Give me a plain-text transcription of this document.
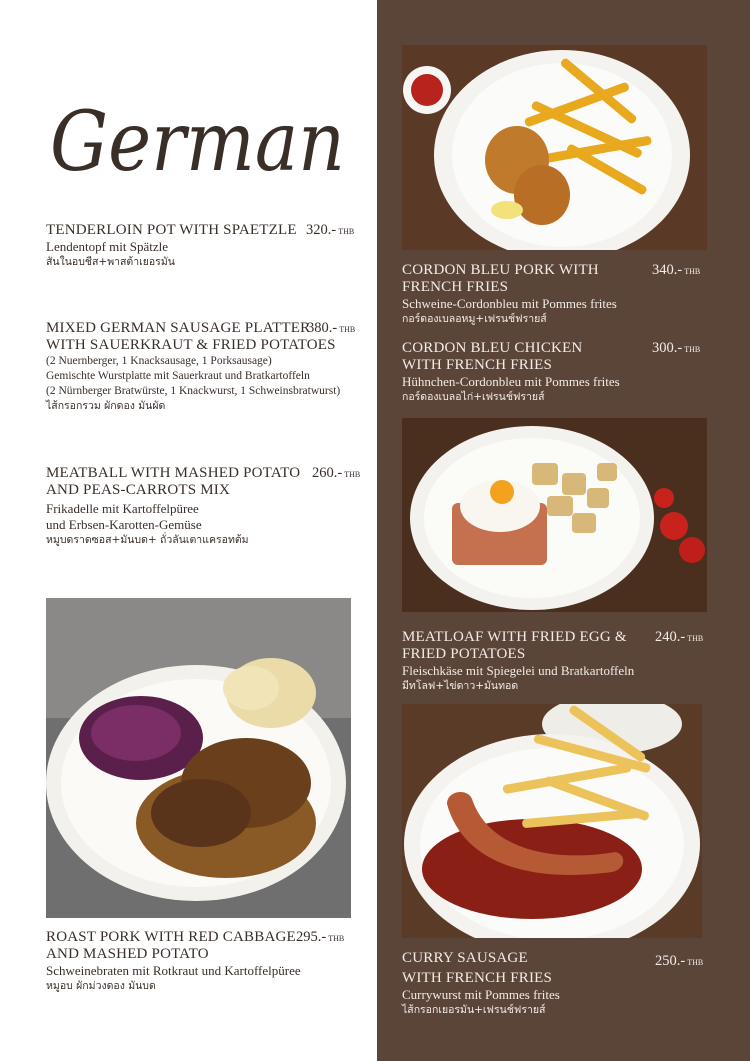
German
TENDERLOIN POT WITH SPAETZLE
Lendentopf mit Spätzle
สันในอบชีส+พาสต้าเยอรมัน
320.- THB
MIXED GERMAN SAUSAGE PLATTER
WITH SAUERKRAUT & FRIED POTATOES
(2 Nuernberger, 1 Knacksausage, 1 Porksausage)
Gemischte Wurstplatte mit Sauerkraut und Bratkartoffeln
(2 Nürnberger Bratwürste, 1 Knackwurst, 1 Schweinsbratwurst)
ไส้กรอกรวม ผักดอง มันผัด
380.- THB
MEATBALL WITH MASHED POTATO
AND PEAS-CARROTS MIX
Frikadelle mit Kartoffelpüree
und Erbsen-Karotten-Gemüse
หมูบดราดซอส+มันบด+ ถั่วลันเตาแครอทต้ม
260.- THB
ROAST PORK WITH RED CABBAGE
AND MASHED POTATO
Schweinebraten mit Rotkraut und Kartoffelpüree
หมูอบ ผักม่วงดอง มันบด
295.- THB
CORDON BLEU PORK WITH
FRENCH FRIES
Schweine-Cordonbleu mit Pommes frites
กอร์ดองเบลอหมู+เฟรนช์ฟรายส์
340.- THB
CORDON BLEU CHICKEN
WITH FRENCH FRIES
Hühnchen-Cordonbleu mit Pommes frites
กอร์ดองเบลอไก่+เฟรนช์ฟรายส์
300.- THB
MEATLOAF WITH FRIED EGG &
FRIED POTATOES
Fleischkäse mit Spiegelei und Bratkartoffeln
มีทโลฟ+ไข่ดาว+มันทอด
240.- THB
CURRY SAUSAGE
WITH FRENCH FRIES
Currywurst mit Pommes frites
ไส้กรอกเยอรมัน+เฟรนช์ฟรายส์
250.- THB
